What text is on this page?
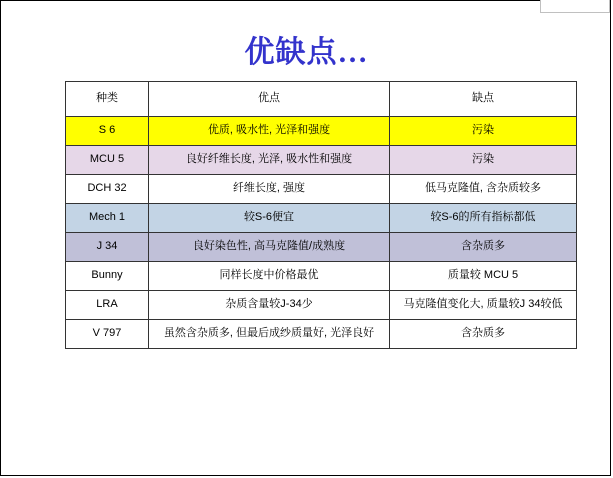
优缺点…
种类	优点	缺点
S 6	优质, 吸水性, 光泽和强度	污染
MCU 5	良好纤维长度, 光泽, 吸水性和强度	污染
DCH 32	纤维长度, 强度	低马克隆值, 含杂质较多
Mech 1	较S-6便宜	较S-6的所有指标都低
J 34	良好染色性, 高马克隆值/成熟度	含杂质多
Bunny	同样长度中价格最优	质量较 MCU 5
LRA	杂质含量较J-34少	马克隆值变化大, 质量较J 34较低
V 797	虽然含杂质多, 但最后成纱质量好, 光泽良好	含杂质多
